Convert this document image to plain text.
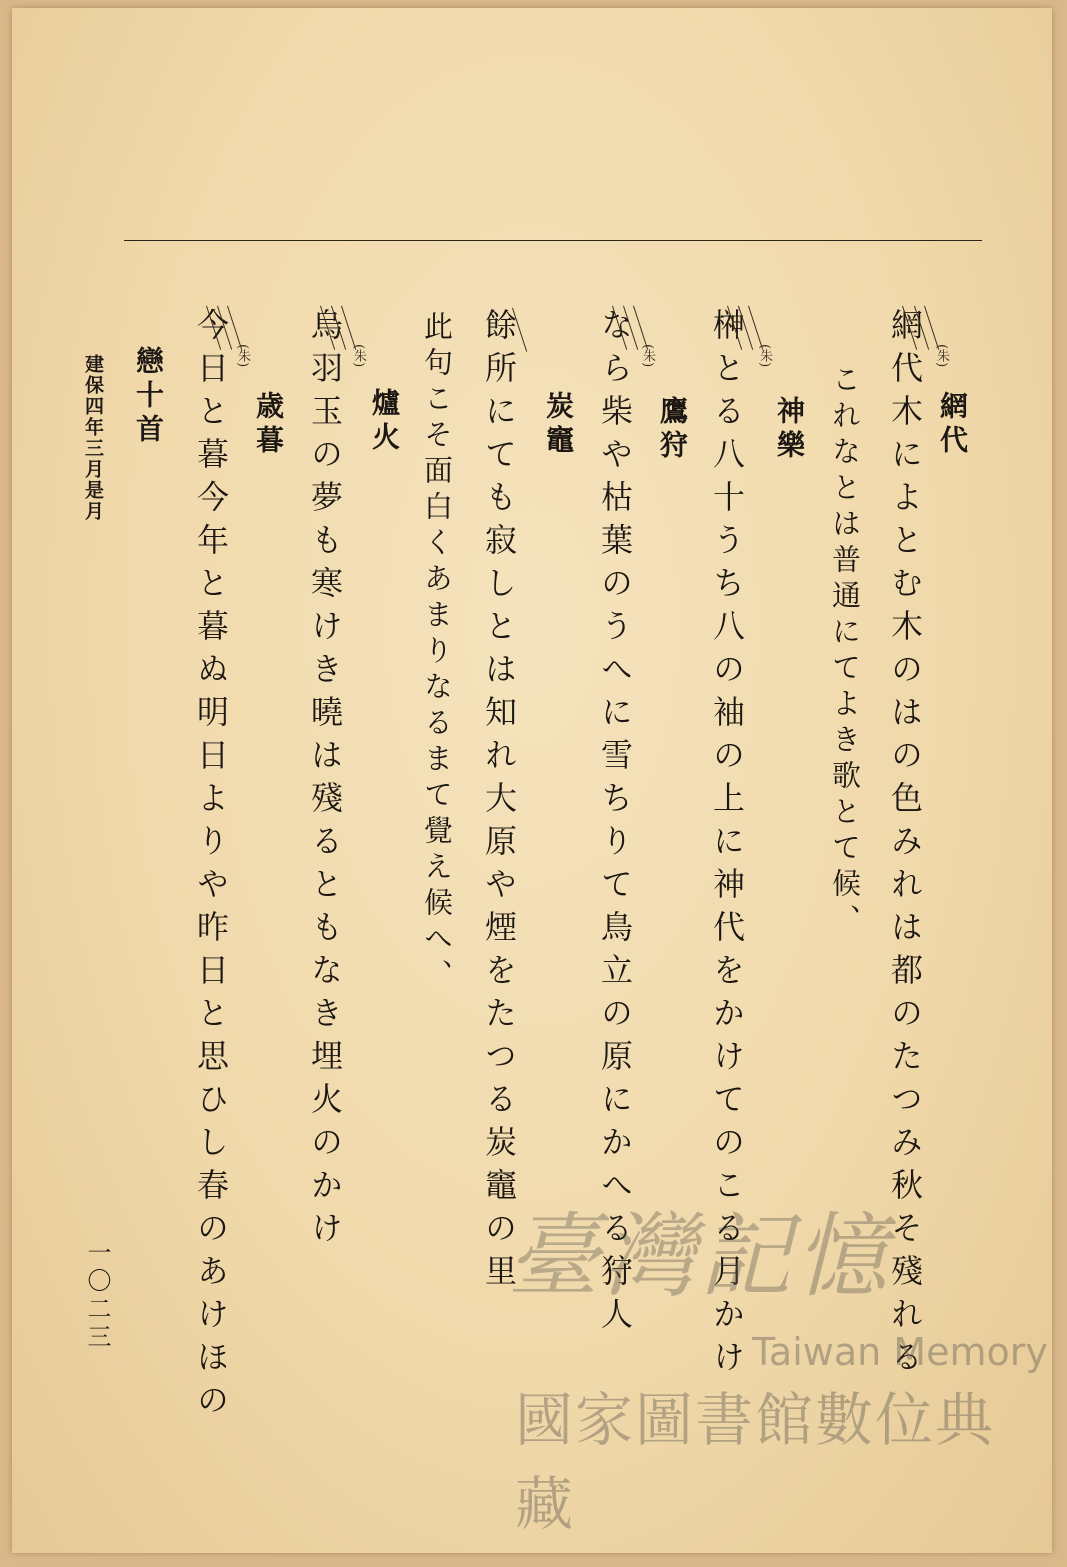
網代
網代木によとむ木のはの色みれは都のたつみ秋そ殘れる
これなとは普通にてよき歌とて候、
神樂
榊とる八十うち八の袖の上に神代をかけてのこる月かけ
鷹狩
なら柴や枯葉のうへに雪ちりて鳥立の原にかへる狩人
炭竈
餘所にても寂しとは知れ大原や煙をたつる炭竈の里
此句こそ面白くあまりなるまて覺え候へ、
爐火
烏羽玉の夢も寒けき曉は殘るともなき埋火のかけ
歳暮
今日と暮今年と暮ぬ明日よりや昨日と思ひし春のあけほの
戀十首
建保四年三月是月
一〇二三
(朱)
(朱)
(朱)
(朱)
(朱)
臺灣記憶
Taiwan Memory
國家圖書館數位典藏
